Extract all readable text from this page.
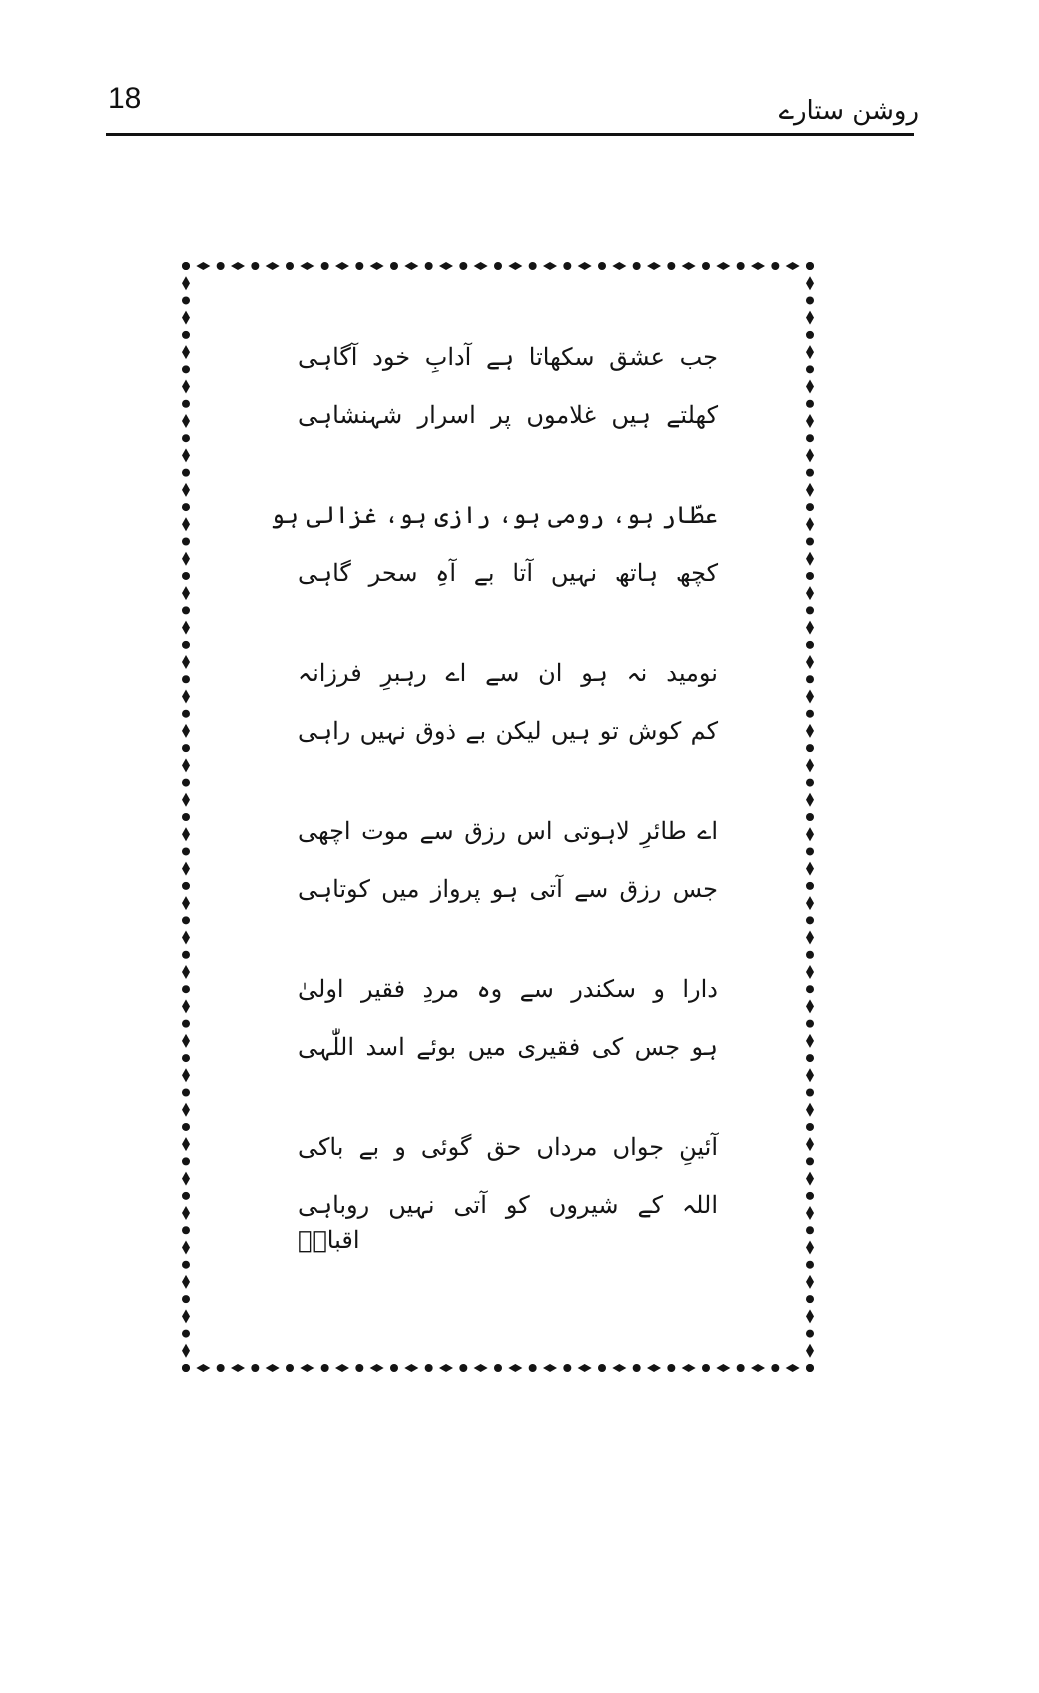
18	روشن ستارے
جب عشق سکھاتا ہے آدابِ خود آگاہی
کھلتے ہیں غلاموں پر اسرار شہنشاہی
عطّار ہو، رومی ہو، رازی ہو، غزالی ہو
کچھ ہاتھ نہیں آتا بے آہِ سحر گاہی
نومید نہ ہو ان سے اے رہبرِ فرزانہ
کم کوش تو ہیں لیکن بے ذوق نہیں راہی
اے طائرِ لاہوتی اس رزق سے موت اچھی
جس رزق سے آتی ہو پرواز میں کوتاہی
دارا و سکندر سے وہ مردِ فقیر اولیٰ
ہو جس کی فقیری میں بوئے اسد اللّٰہی
آئینِ جواں مرداں حق گوئی و بے باکی
اللہ کے شیروں کو آتی نہیں روباہی
اقبالؔ
